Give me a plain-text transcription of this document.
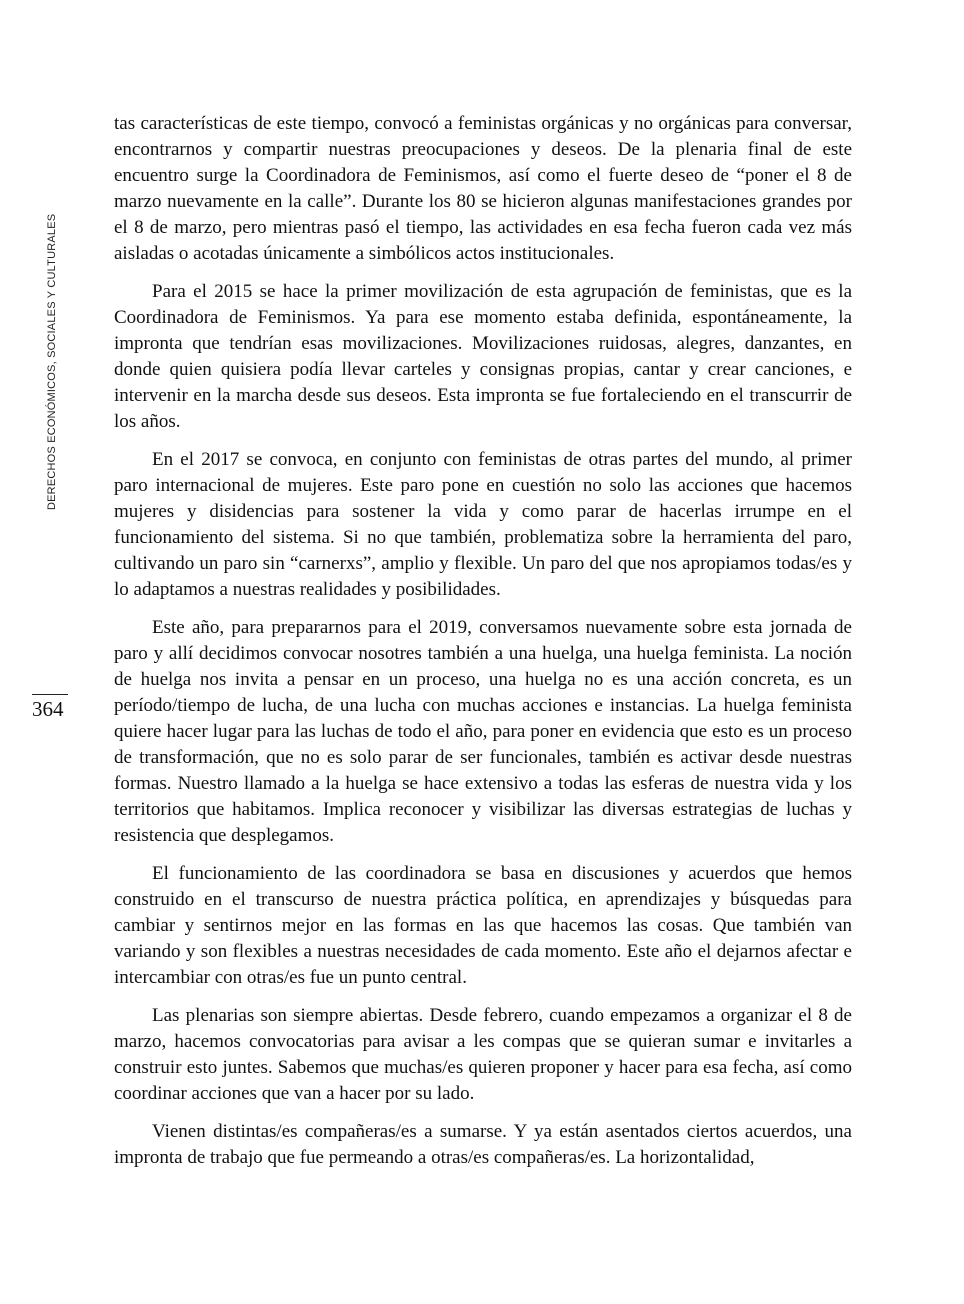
DERECHOS ECONÓMICOS, SOCIALES Y CULTURALES
364

tas características de este tiempo, convocó a feministas orgánicas y no orgánicas para conversar, encontrarnos y compartir nuestras preocupaciones y deseos. De la plenaria final de este encuentro surge la Coordinadora de Feminismos, así como el fuerte deseo de “poner el 8 de marzo nuevamente en la calle”. Durante los 80 se hicieron algunas manifestaciones grandes por el 8 de marzo, pero mientras pasó el tiempo, las actividades en esa fecha fueron cada vez más aisladas o acotadas únicamente a simbólicos actos institucionales.

Para el 2015 se hace la primer movilización de esta agrupación de feministas, que es la Coordinadora de Feminismos. Ya para ese momento estaba definida, espontáneamente, la impronta que tendrían esas movilizaciones. Movilizaciones ruidosas, alegres, danzantes, en donde quien quisiera podía llevar carteles y consignas propias, cantar y crear canciones, e intervenir en la marcha desde sus deseos. Esta impronta se fue fortaleciendo en el transcurrir de los años.

En el 2017 se convoca, en conjunto con feministas de otras partes del mundo, al primer paro internacional de mujeres. Este paro pone en cuestión no solo las acciones que hacemos mujeres y disidencias para sostener la vida y como parar de hacerlas irrumpe en el funcionamiento del sistema. Si no que también, problematiza sobre la herramienta del paro, cultivando un paro sin “carnerxs”, amplio y flexible. Un paro del que nos apropiamos todas/es y lo adaptamos a nuestras realidades y posibilidades.

Este año, para prepararnos para el 2019, conversamos nuevamente sobre esta jornada de paro y allí decidimos convocar nosotres también a una huelga, una huelga feminista. La noción de huelga nos invita a pensar en un proceso, una huelga no es una acción concreta, es un período/tiempo de lucha, de una lucha con muchas acciones e instancias. La huelga feminista quiere hacer lugar para las luchas de todo el año, para poner en evidencia que esto es un proceso de transformación, que no es solo parar de ser funcionales, también es activar desde nuestras formas. Nuestro llamado a la huelga se hace extensivo a todas las esferas de nuestra vida y los territorios que habitamos. Implica reconocer y visibilizar las diversas estrategias de luchas y resistencia que desplegamos.

El funcionamiento de las coordinadora se basa en discusiones y acuerdos que hemos construido en el transcurso de nuestra práctica política, en aprendizajes y búsquedas para cambiar y sentirnos mejor en las formas en las que hacemos las cosas. Que también van variando y son flexibles a nuestras necesidades de cada momento. Este año el dejarnos afectar e intercambiar con otras/es fue un punto central.

Las plenarias son siempre abiertas. Desde febrero, cuando empezamos a organizar el 8 de marzo, hacemos convocatorias para avisar a les compas que se quieran sumar e invitarles a construir esto juntes. Sabemos que muchas/es quieren proponer y hacer para esa fecha, así como coordinar acciones que van a hacer por su lado.

Vienen distintas/es compañeras/es a sumarse. Y ya están asentados ciertos acuerdos, una impronta de trabajo que fue permeando a otras/es compañeras/es. La horizontalidad,
